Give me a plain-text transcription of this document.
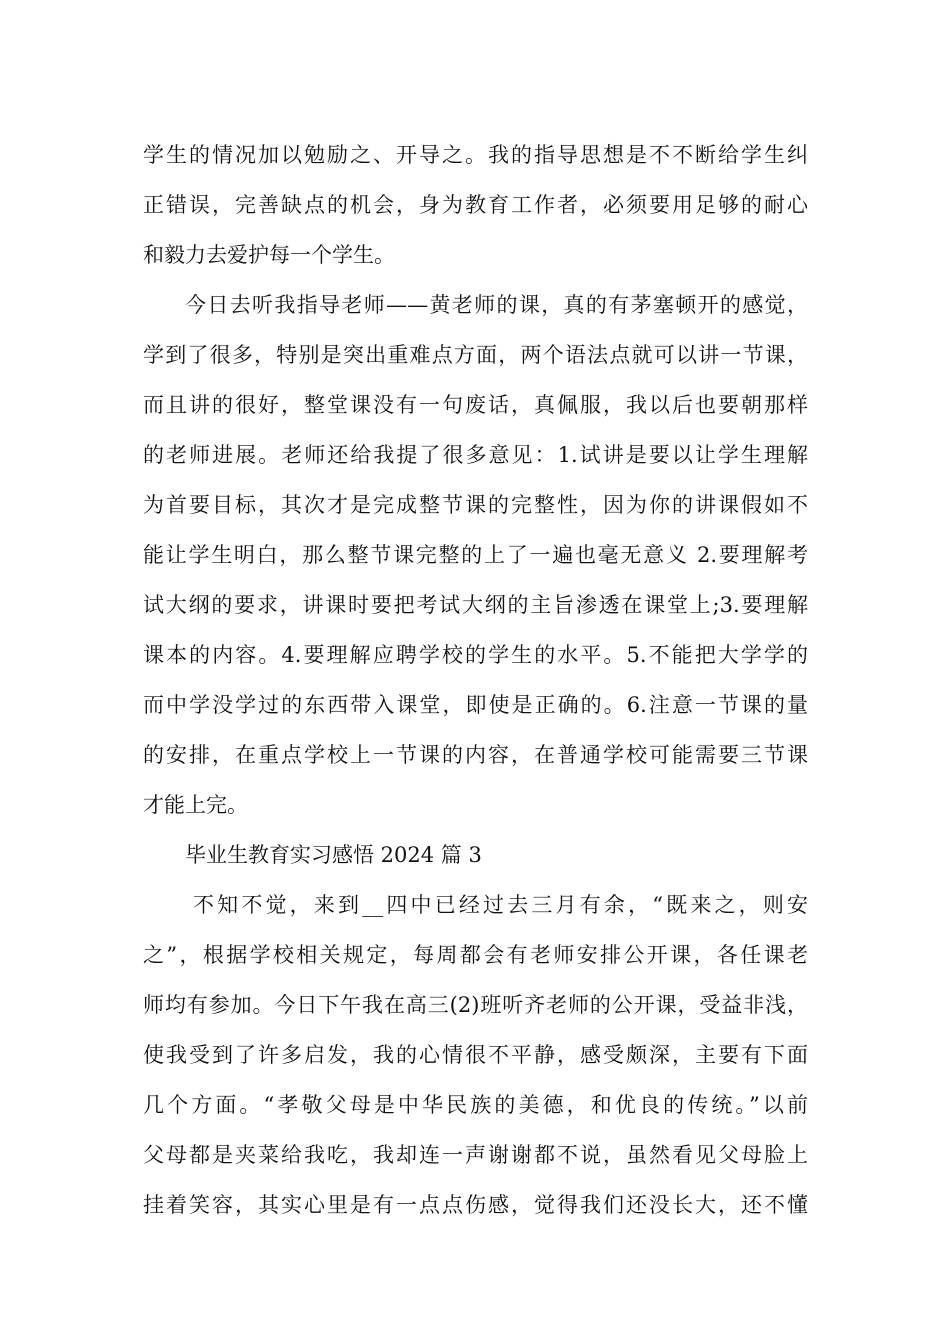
学生的情况加以勉励之、开导之。我的指导思想是不不断给学生纠
正错误，完善缺点的机会，身为教育工作者，必须要用足够的耐心
和毅力去爱护每一个学生。
今日去听我指导老师——黄老师的课，真的有茅塞顿开的感觉，
学到了很多，特别是突出重难点方面，两个语法点就可以讲一节课，
而且讲的很好，整堂课没有一句废话，真佩服，我以后也要朝那样
的老师进展。老师还给我提了很多意见：1.试讲是要以让学生理解
为首要目标，其次才是完成整节课的完整性，因为你的讲课假如不
能让学生明白，那么整节课完整的上了一遍也毫无意义 2.要理解考
试大纲的要求，讲课时要把考试大纲的主旨渗透在课堂上;3.要理解
课本的内容。4.要理解应聘学校的学生的水平。5.不能把大学学的
而中学没学过的东西带入课堂，即使是正确的。6.注意一节课的量
的安排，在重点学校上一节课的内容，在普通学校可能需要三节课
才能上完。
毕业生教育实习感悟 2024 篇 3
不知不觉，来到__四中已经过去三月有余，“既来之，则安
之”，根据学校相关规定，每周都会有老师安排公开课，各任课老
师均有参加。今日下午我在高三(2)班听齐老师的公开课，受益非浅，
使我受到了许多启发，我的心情很不平静，感受颇深，主要有下面
几个方面。“孝敬父母是中华民族的美德，和优良的传统。”以前
父母都是夹菜给我吃，我却连一声谢谢都不说，虽然看见父母脸上
挂着笑容，其实心里是有一点点伤感，觉得我们还没长大，还不懂
